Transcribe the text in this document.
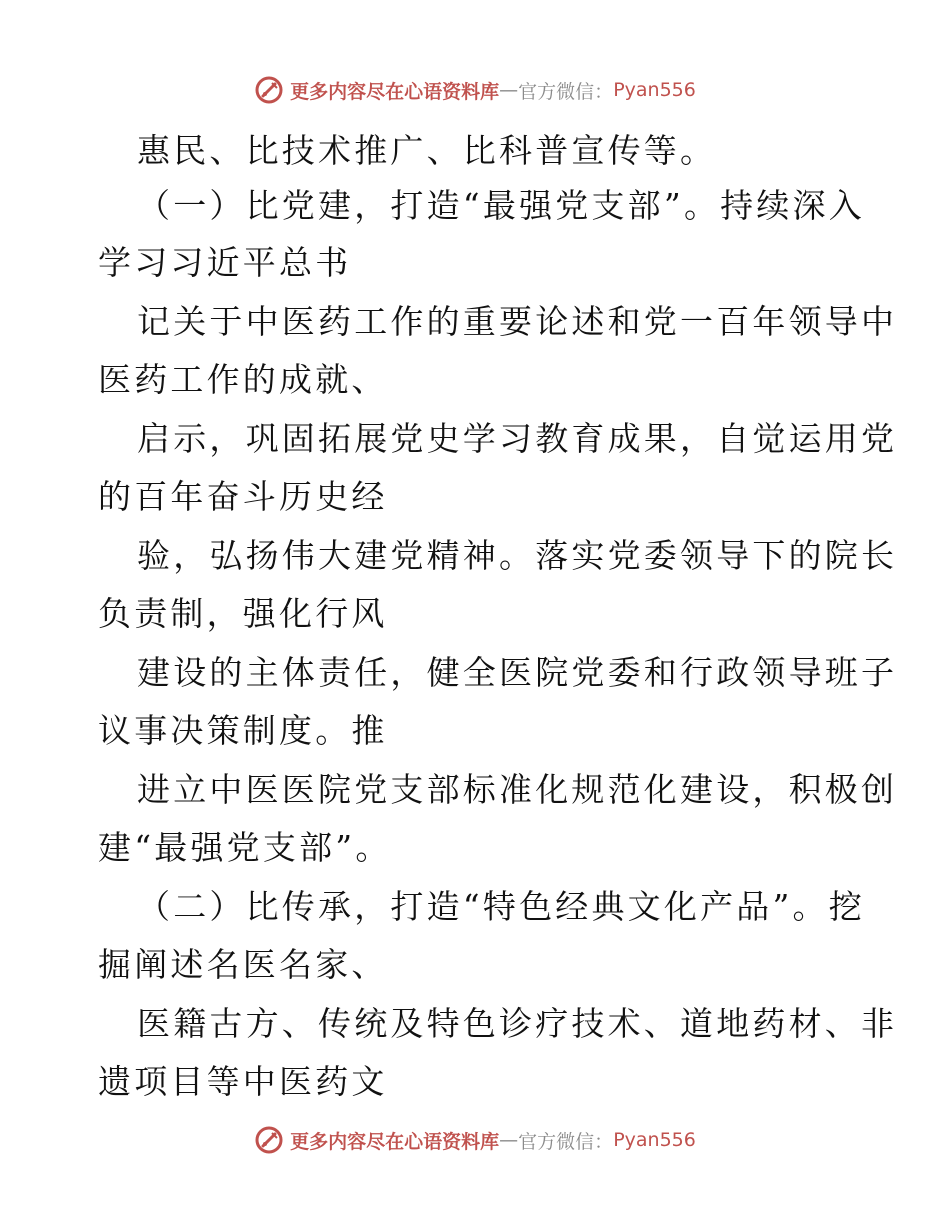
更多内容尽在心语资料库 — 官方微信： Pyan556
惠民、比技术推广、比科普宣传等。
（一）比党建，打造“最强党支部”。持续深入
学习习近平总书
记关于中医药工作的重要论述和党一百年领导中
医药工作的成就、
启示，巩固拓展党史学习教育成果，自觉运用党
的百年奋斗历史经
验，弘扬伟大建党精神。落实党委领导下的院长
负责制，强化行风
建设的主体责任，健全医院党委和行政领导班子
议事决策制度。推
进立中医医院党支部标准化规范化建设，积极创
建“最强党支部”。
（二）比传承，打造“特色经典文化产品”。挖
掘阐述名医名家、
医籍古方、传统及特色诊疗技术、道地药材、非
遗项目等中医药文
更多内容尽在心语资料库 — 官方微信： Pyan556
